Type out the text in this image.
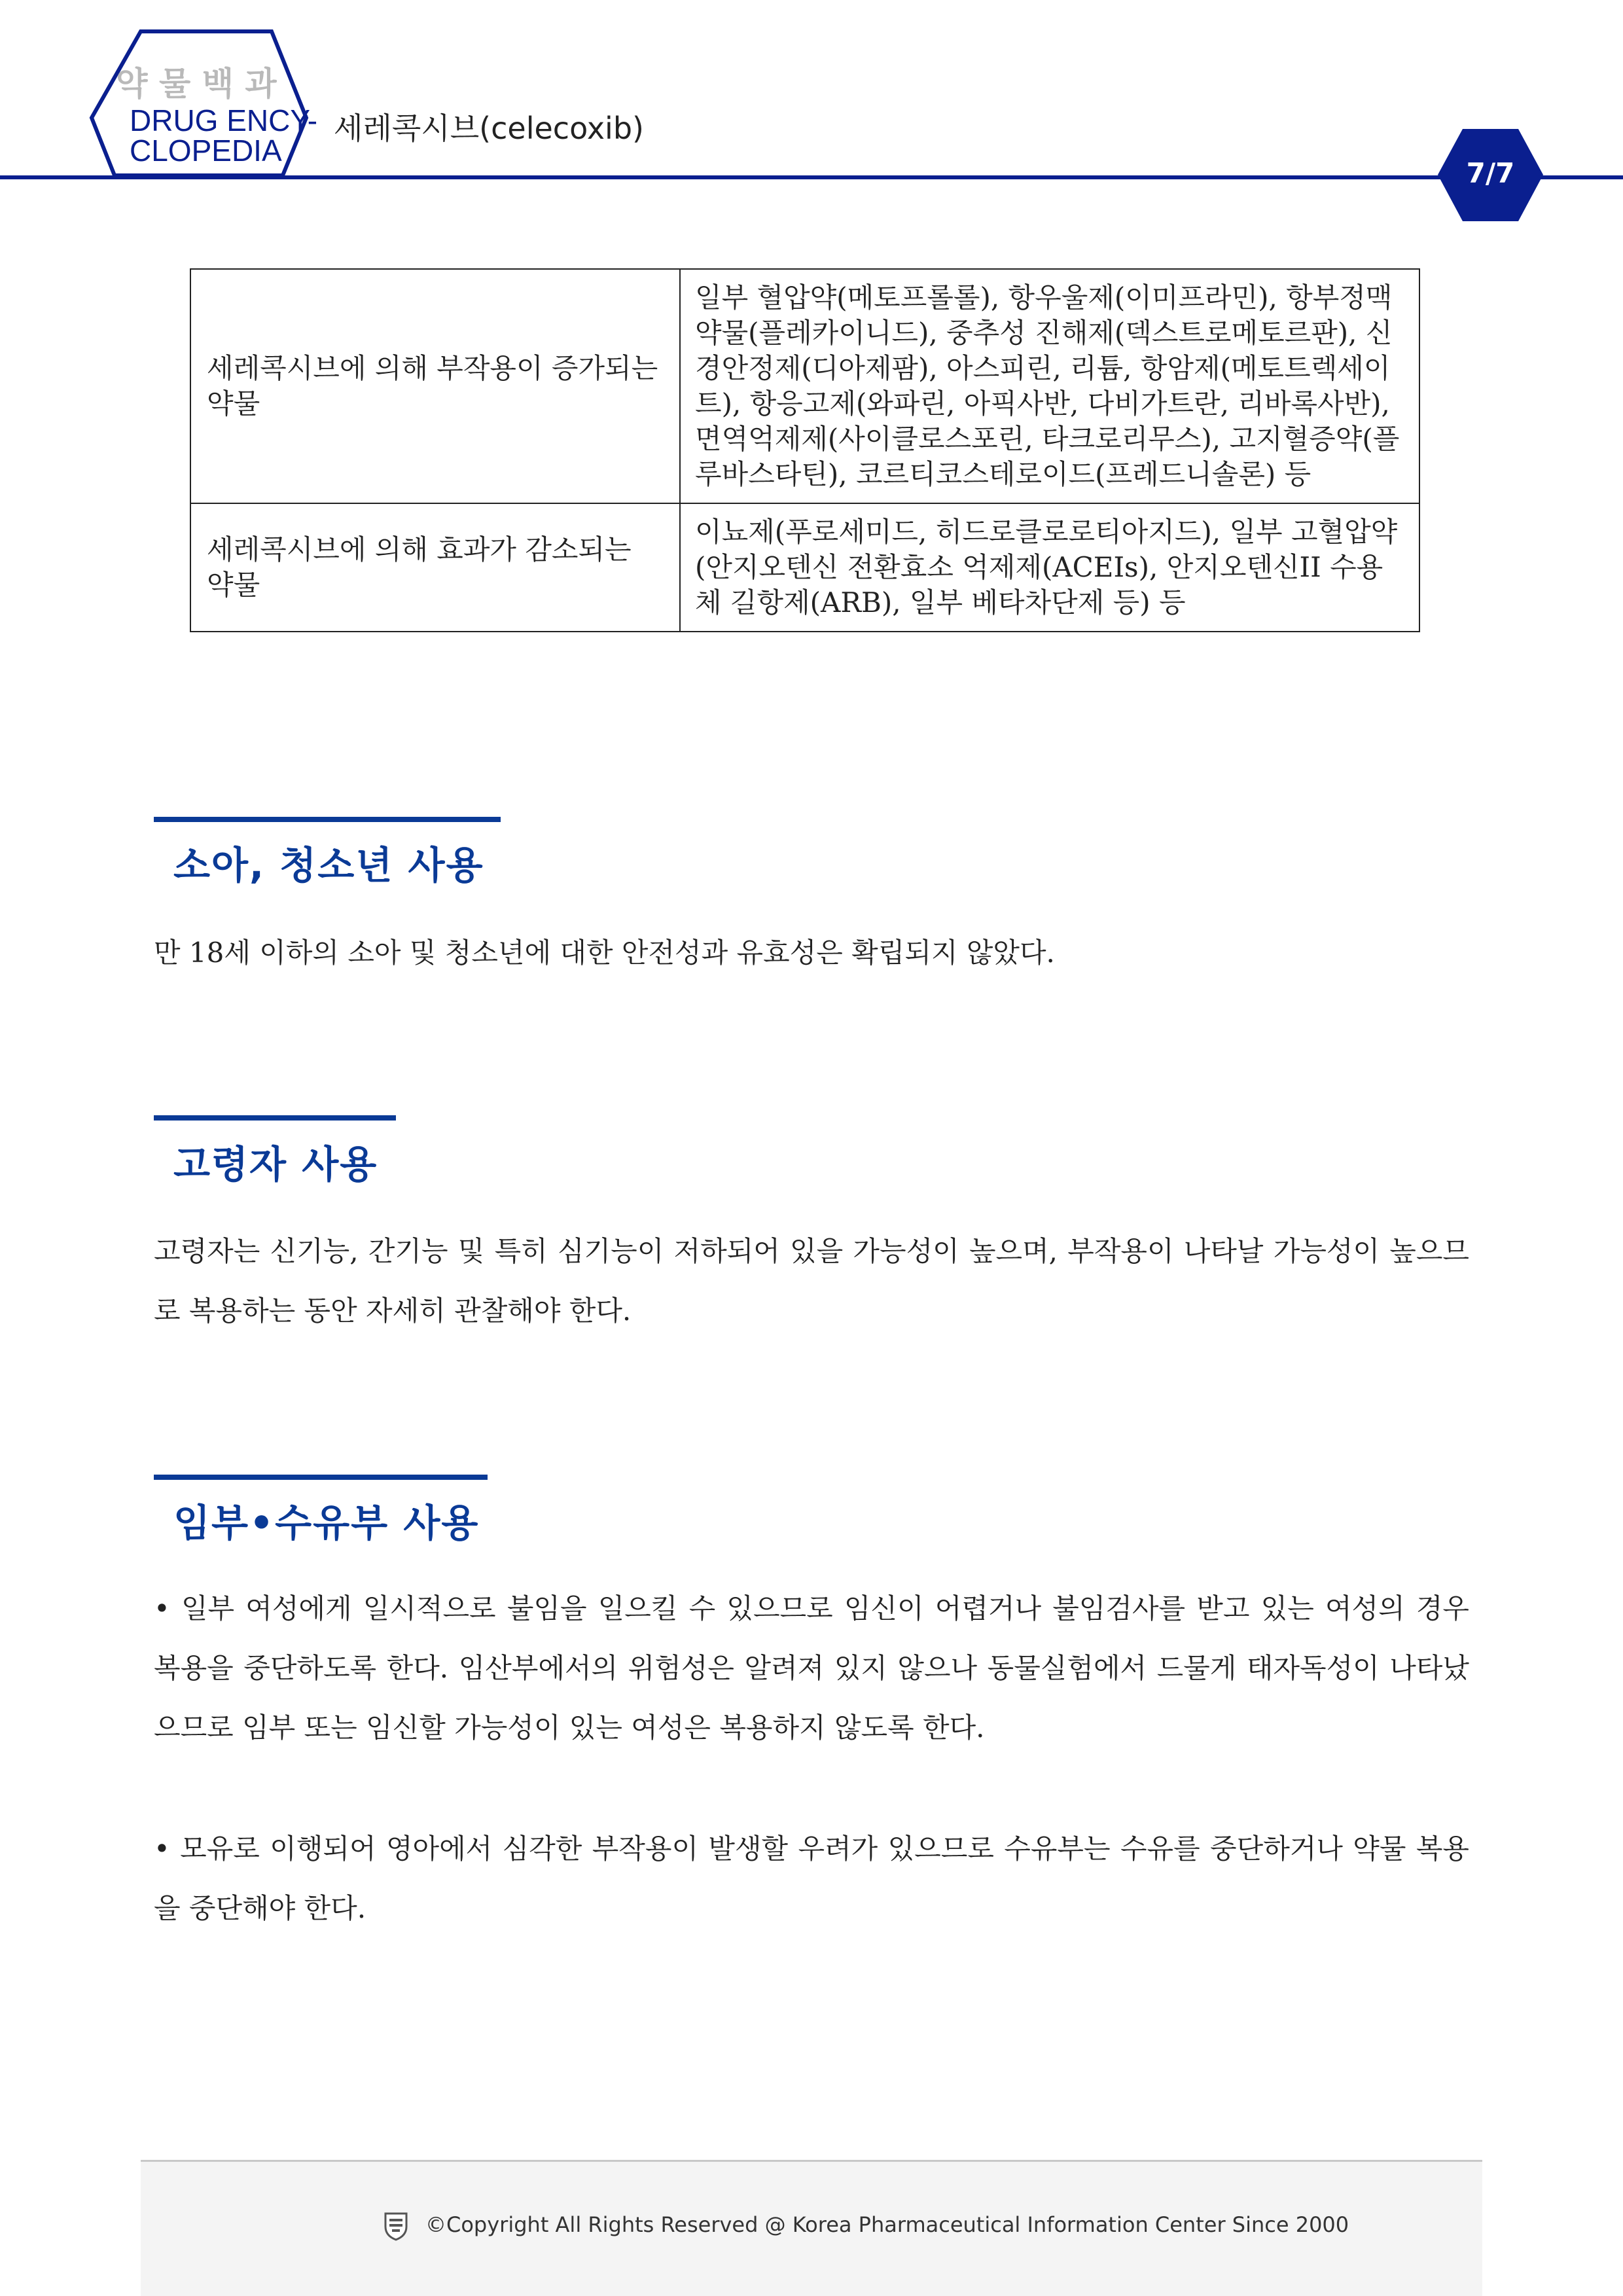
약 물 백 과
DRUG ENCY-
CLOPEDIA
세레콕시브(celecoxib)
7/7
세레콕시브에 의해 부작용이 증가되는 약물	일부 혈압약(메토프롤롤), 항우울제(이미프라민), 항부정맥약물(플레카이니드), 중추성 진해제(덱스트로메토르판), 신경안정제(디아제팜), 아스피린, 리튬, 항암제(메토트렉세이트), 항응고제(와파린, 아픽사반, 다비가트란, 리바록사반), 면역억제제(사이클로스포린, 타크로리무스), 고지혈증약(플루바스타틴), 코르티코스테로이드(프레드니솔론) 등
세레콕시브에 의해 효과가 감소되는 약물	이뇨제(푸로세미드, 히드로클로로티아지드), 일부 고혈압약(안지오텐신 전환효소 억제제(ACEIs), 안지오텐신II 수용체 길항제(ARB), 일부 베타차단제 등) 등
소아, 청소년 사용
만 18세 이하의 소아 및 청소년에 대한 안전성과 유효성은 확립되지 않았다.
고령자 사용
고령자는 신기능, 간기능 및 특히 심기능이 저하되어 있을 가능성이 높으며, 부작용이 나타날 가능성이 높으므로 복용하는 동안 자세히 관찰해야 한다.
임부•수유부 사용
• 일부 여성에게 일시적으로 불임을 일으킬 수 있으므로 임신이 어렵거나 불임검사를 받고 있는 여성의 경우 복용을 중단하도록 한다. 임산부에서의 위험성은 알려져 있지 않으나 동물실험에서 드물게 태자독성이 나타났으므로 임부 또는 임신할 가능성이 있는 여성은 복용하지 않도록 한다.
• 모유로 이행되어 영아에서 심각한 부작용이 발생할 우려가 있으므로 수유부는 수유를 중단하거나 약물 복용을 중단해야 한다.
©Copyright All Rights Reserved @ Korea Pharmaceutical Information Center Since 2000
